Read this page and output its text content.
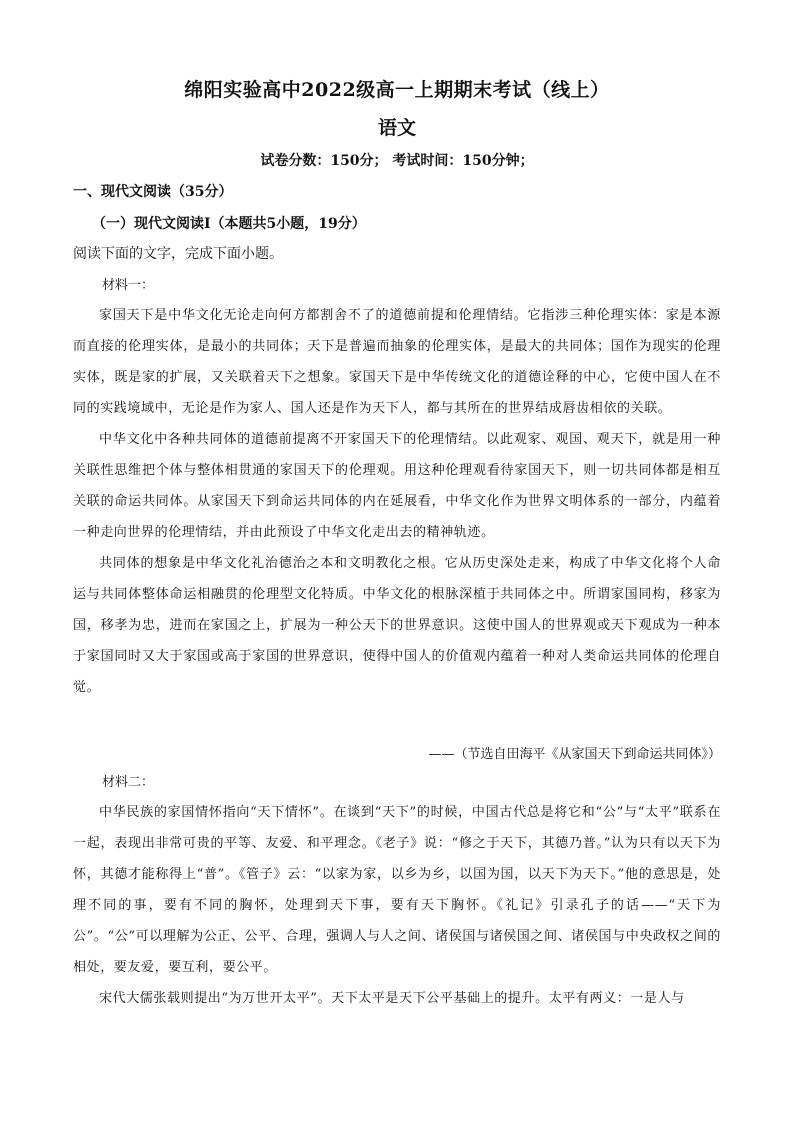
绵阳实验高中2022级高一上期期末考试（线上）
语文
试卷分数：150分； 考试时间：150分钟；
一、现代文阅读（35分）
（一）现代文阅读Ⅰ（本题共5小题，19分）
阅读下面的文字，完成下面小题。
材料一：

家国天下是中华文化无论走向何方都割舍不了的道德前提和伦理情结。它指涉三种伦理实体：家是本源而直接的伦理实体，是最小的共同体；天下是普遍而抽象的伦理实体，是最大的共同体；国作为现实的伦理实体，既是家的扩展，又关联着天下之想象。家国天下是中华传统文化的道德诠释的中心，它使中国人在不同的实践境域中，无论是作为家人、国人还是作为天下人，都与其所在的世界结成唇齿相依的关联。

中华文化中各种共同体的道德前提离不开家国天下的伦理情结。以此观家、观国、观天下，就是用一种关联性思维把个体与整体相贯通的家国天下的伦理观。用这种伦理观看待家国天下，则一切共同体都是相互关联的命运共同体。从家国天下到命运共同体的内在延展看，中华文化作为世界文明体系的一部分，内蕴着一种走向世界的伦理情结，并由此预设了中华文化走出去的精神轨迹。

共同体的想象是中华文化礼治德治之本和文明教化之根。它从历史深处走来，构成了中华文化将个人命运与共同体整体命运相融贯的伦理型文化特质。中华文化的根脉深植于共同体之中。所谓家国同构，移家为国，移孝为忠，进而在家国之上，扩展为一种公天下的世界意识。这使中国人的世界观或天下观成为一种本于家国同时又大于家国或高于家国的世界意识，使得中国人的价值观内蕴着一种对人类命运共同体的伦理自觉。

——（节选自田海平《从家国天下到命运共同体》）
材料二：

中华民族的家国情怀指向“天下情怀”。在谈到“天下”的时候，中国古代总是将它和“公”与“太平”联系在一起，表现出非常可贵的平等、友爱、和平理念。《老子》说：“修之于天下，其德乃普。”认为只有以天下为怀，其德才能称得上“普”。《管子》云：“以家为家，以乡为乡，以国为国，以天下为天下。”他的意思是，处理不同的事，要有不同的胸怀，处理到天下事，要有天下胸怀。《礼记》引录孔子的话——“天下为公”。“公”可以理解为公正、公平、合理，强调人与人之间、诸侯国与诸侯国之间、诸侯国与中央政权之间的相处，要友爱，要互利，要公平。

宋代大儒张载则提出“为万世开太平”。天下太平是天下公平基础上的提升。太平有两义：一是人与
